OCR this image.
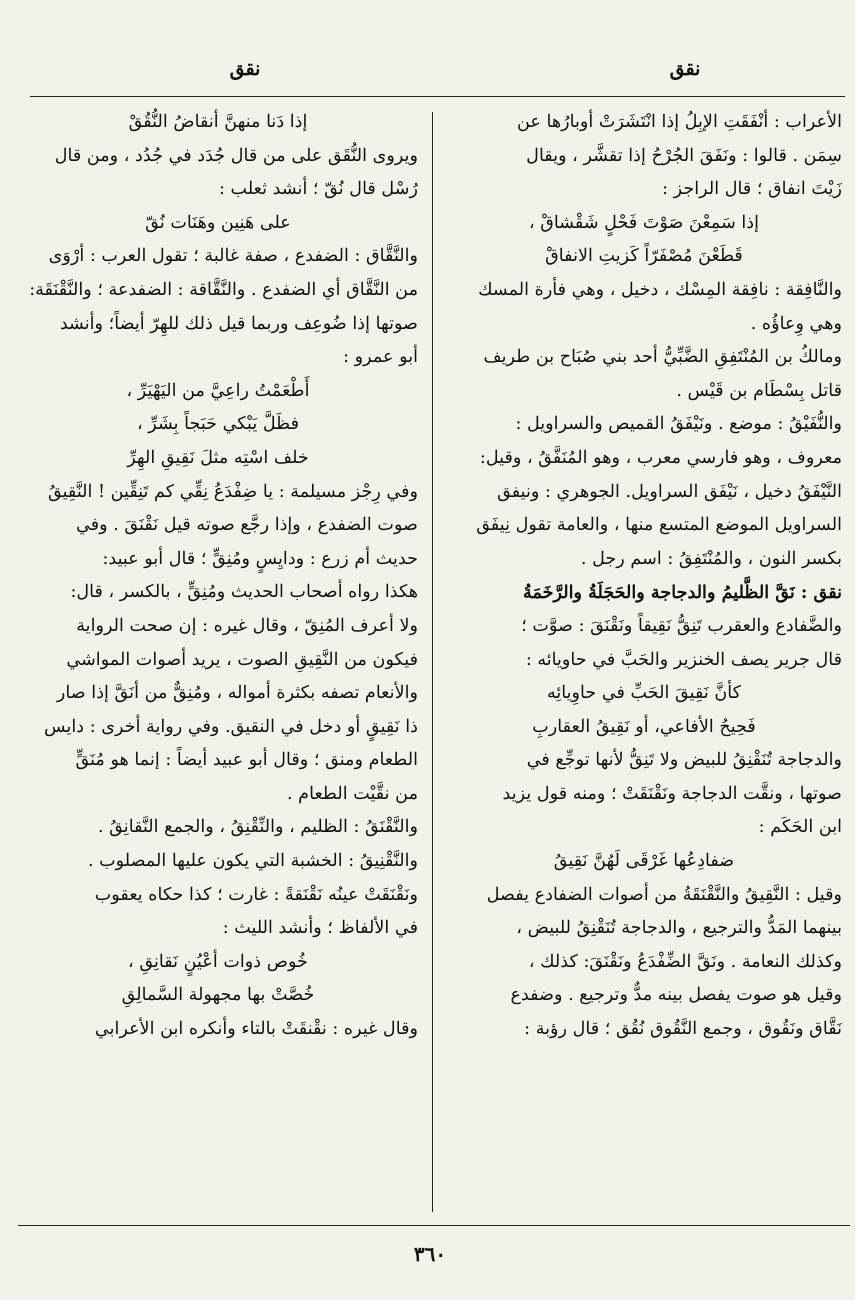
نقق
نقق

الأعراب : أنْفَقَتِ الإبِلُ إذا انْتَشَرَتْ أوبارُها عن

سِمَن . قالوا : ونَفَقَ الجُرْحُ إذا تقشَّر ، ويقال

زَيْتَ انفاق ؛ قال الراجز :

إذا سَمِعْنَ صَوْتَ فَحْلٍ شَقْشاقْ ،

قَطَعْنَ مُصْفَرّاً كَزيتِ الانفاقْ

والنَّافِقة : نافِقة المِسْك ، دخيل ، وهي فأرة المسك

وهي وِعاؤُه .

ومالكُ بن المُنْتَفِقِ الضَّبِّيُّ أحد بني صُبَاح بن طريف

قاتل بِسْطَام بن قَيْس .

والنُّفَيْقُ : موضع . ونَيْفَقُ القميص والسراويل :

معروف ، وهو فارسي معرب ، وهو المُنَفَّقُ ، وقيل:

النَّيْفَقُ دخيل ، نَيْفَق السراويل. الجوهري : ونيفق

السراويل الموضع المتسع منها ، والعامة تقول نِيفَق

بكسر النون ، والمُنْتَفِقُ : اسم رجل .

نقق : نَقَّ الظَّليمُ والدجاجة والحَجَلَةُ والرَّخَمَةُ

والضَّفادع والعقرب تَنِقُّ نَقِيقاً ونَقْنَقَ : صوَّت ؛

قال جرير يصف الخنزير والحَبَّ في حاويائه :

كأنَّ نَقِيقَ الحَبِّ في حاوِيائِه

فَحِيحُ الأفاعي، أو نَقِيقُ العقاربِ

والدجاجة تُنَقْنِقُ للبيض ولا تَنِقُّ لأنها توجِّع في

صوتها ، ونقَّت الدجاجة ونَقْنَقَتْ ؛ ومنه قول يزيد

ابن الحَكَم :

ضفادِعُها غَرْقَى لَهُنَّ نَقِيقُ

وقيل : النَّقِيقُ والنَّقْنَقَةُ من أصوات الضفادع يفصل

بينهما المَدُّ والترجيع ، والدجاجة تُنَقْنِقُ للبيض ،

وكذلك النعامة . ونَقَّ الضِّفْدَعُ ونَقْنَقَ: كذلك ،

وقيل هو صوت يفصل بينه مدٌّ وترجيع . وضفدع

نَقَّاق ونَقُوق ، وجمع النَّقُوق نُقُق ؛ قال رؤبة :

إذا دَنا منهنَّ أنقاضُ النُّقُقْ

ويروى النُّقَق على من قال جُدَد في جُدُد ، ومن قال

رُسْل قال نُقّ ؛ أنشد ثعلب :

على هَنِين وهَنَات نُقّ

والنَّقَّاق : الضفدع ، صفة غالبة ؛ تقول العرب : أرْوَى

من النَّقَّاق أي الضفدع . والنَّقَّاقة : الضفدعة ؛ والنَّقْنَقَة:

صوتها إذا ضُوعِف وربما قيل ذلك للهِرّ أيضاً؛ وأنشد

أبو عمرو :

أَطْعَمْتُ راعِيَّ من اليَهْيَرِّ ،

فظَلَّ يَبْكي حَبَجاً بِشَرِّ ،

خلف اسْتِه مثلَ نَقِيقِ الهِرِّ

وفي رِجْز مسيلمة : يا ضِفْدَعُ نِقِّي كم تَنِقِّين ! النَّقِيقُ

صوت الضفدع ، وإذا رجَّع صوته قيل نَقْنَقَ . وفي

حديث أم زرع : ودايِسٍ ومُنِقٍّ ؛ قال أبو عبيد:

هكذا رواه أصحاب الحديث ومُنِقٍّ ، بالكسر ، قال:

ولا أعرف المُنِقّ ، وقال غيره : إن صحت الرواية

فيكون من النَّقِيقِ الصوت ، يريد أصوات المواشي

والأنعام تصفه بكثرة أمواله ، ومُنِقٌّ من أنَقَّ إذا صار

ذا نَقِيقٍ أو دخل في النقيق. وفي رواية أخرى : دايس

الطعام ومنق ؛ وقال أبو عبيد أيضاً : إنما هو مُنَقٍّ

من نقَّيْت الطعام .

والنَّقْنَقُ : الظليم ، والنِّقْنِقُ ، والجمع النَّقانِقُ .

والنَّقْنِيقُ : الخشبة التي يكون عليها المصلوب .

ونَقْنَقَتْ عينُه نَقْنَقةً : غارت ؛ كذا حكاه يعقوب

في الألفاظ ؛ وأنشد الليث :

خُوص ذوات أعْيُنٍ نَقانِقِ ،

خُصَّتْ بها مجهولة السَّمالِقِ

وقال غيره : نقْنقَتْ بالتاء وأنكره ابن الأعرابي

٣٦٠
